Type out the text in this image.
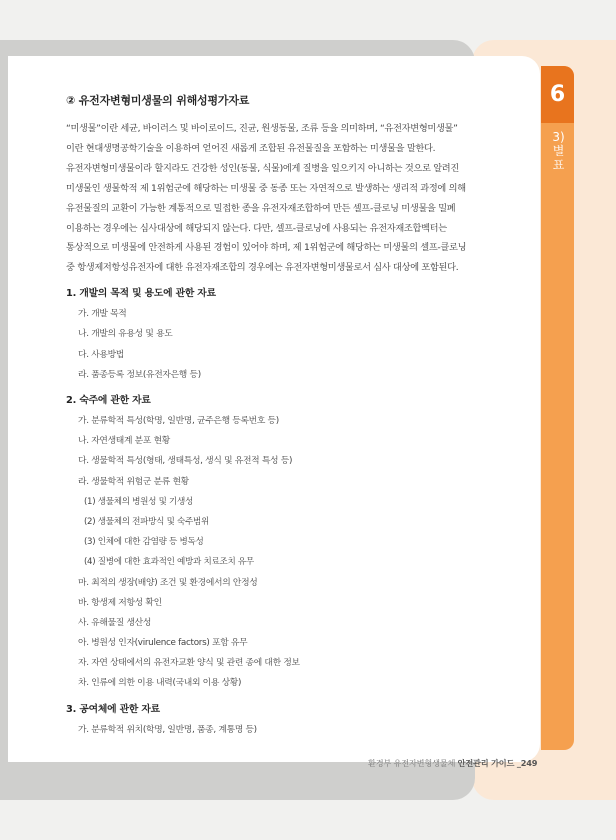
6
3)
별
표
② 유전자변형미생물의 위해성평가자료
“미생물”이란 세균, 바이러스 및 바이로이드, 진균, 원생동물, 조류 등을 의미하며, “유전자변형미생물”
이란 현대생명공학기술을 이용하여 얻어진 새롭게 조합된 유전물질을 포함하는 미생물을 말한다.
유전자변형미생물이라 할지라도 건강한 성인(동물, 식물)에게 질병을 일으키지 아니하는 것으로 알려진
미생물인 생물학적 제 1위험군에 해당하는 미생물 중 동종 또는 자연적으로 발생하는 생리적 과정에 의해
유전물질의 교환이 가능한 계통적으로 밀접한 종을 유전자재조합하여 만든 셀프-클로닝 미생물을 밀폐
이용하는 경우에는 심사대상에 해당되지 않는다. 다만, 셀프-클로닝에 사용되는 유전자재조합벡터는
통상적으로 미생물에 안전하게 사용된 경험이 있어야 하며, 제 1위험군에 해당하는 미생물의 셀프-클로닝
중 항생제저항성유전자에 대한 유전자재조합의 경우에는 유전자변형미생물로서 심사 대상에 포함된다.
1. 개발의 목적 및 용도에 관한 자료
가. 개발 목적
나. 개발의 유용성 및 용도
다. 사용방법
라. 품종등록 정보(유전자은행 등)
2. 숙주에 관한 자료
가. 분류학적 특성(학명, 일반명, 균주은행 등록번호 등)
나. 자연생태계 분포 현황
다. 생물학적 특성(형태, 생태특성, 생식 및 유전적 특성 등)
라. 생물학적 위험군 분류 현황
(1) 생물체의 병원성 및 기생성
(2) 생물체의 전파방식 및 숙주범위
(3) 인체에 대한 감염량 등 병독성
(4) 질병에 대한 효과적인 예방과 치료조치 유무
마. 최적의 생장(배양) 조건 및 환경에서의 안정성
바. 항생제 저항성 확인
사. 유해물질 생산성
아. 병원성 인자(virulence factors) 포함 유무
자. 자연 상태에서의 유전자교환 양식 및 관련 종에 대한 정보
차. 인류에 의한 이용 내력(국내외 이용 상황)
3. 공여체에 관한 자료
가. 분류학적 위치(학명, 일반명, 품종, 계통명 등)
환경부 유전자변형생물체 안전관리 가이드 _249
